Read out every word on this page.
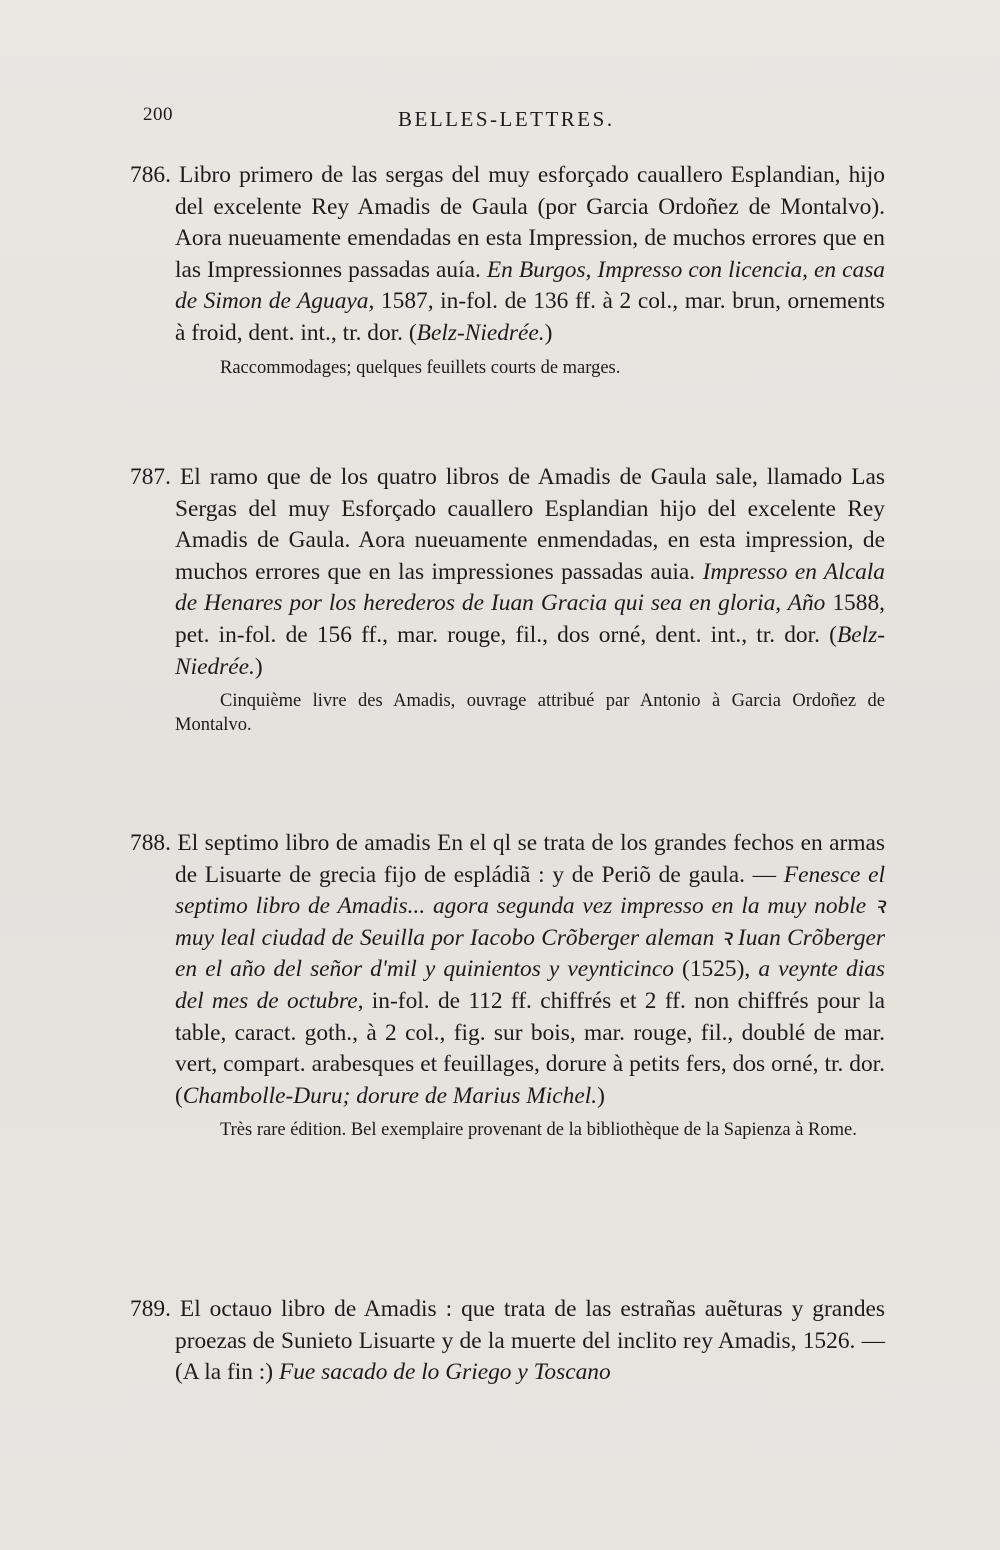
200	BELLES-LETTRES.
786. Libro primero de las sergas del muy esforçado cauallero Esplandian, hijo del excelente Rey Amadis de Gaula (por Garcia Ordoñez de Montalvo). Aora nueuamente emendadas en esta Impression, de muchos errores que en las Impressionnes passadas auía. En Burgos, Impresso con licencia, en casa de Simon de Aguaya, 1587, in-fol. de 136 ff. à 2 col., mar. brun, ornements à froid, dent. int., tr. dor. (Belz-Niedrée.)
Raccommodages; quelques feuillets courts de marges.
787. El ramo que de los quatro libros de Amadis de Gaula sale, llamado Las Sergas del muy Esforçado cauallero Esplandian hijo del excelente Rey Amadis de Gaula. Aora nueuamente enmendadas, en esta impression, de muchos errores que en las impressiones passadas auia. Impresso en Alcala de Henares por los herederos de Iuan Gracia qui sea en gloria, Año 1588, pet. in-fol. de 156 ff., mar. rouge, fil., dos orné, dent. int., tr. dor. (Belz-Niedrée.)
Cinquième livre des Amadis, ouvrage attribué par Antonio à Garcia Ordoñez de Montalvo.
788. El septimo libro de amadis En el ql se trata de los grandes fechos en armas de Lisuarte de grecia fijo de espládiã : y de Periõ de gaula. — Fenesce el septimo libro de Amadis... agora segunda vez impresso en la muy noble ꝛ muy leal ciudad de Seuilla por Iacobo Crõberger aleman ꝛ Iuan Crõberger en el año del señor d'mil y quinientos y veynticinco (1525), a veynte dias del mes de octubre, in-fol. de 112 ff. chiffrés et 2 ff. non chiffrés pour la table, caract. goth., à 2 col., fig. sur bois, mar. rouge, fil., doublé de mar. vert, compart. arabesques et feuillages, dorure à petits fers, dos orné, tr. dor. (Chambolle-Duru; dorure de Marius Michel.)
Très rare édition. Bel exemplaire provenant de la bibliothèque de la Sapienza à Rome.
789. El octauo libro de Amadis : que trata de las estrañas auẽturas y grandes proezas de Sunieto Lisuarte y de la muerte del inclito rey Amadis, 1526. — (A la fin :) Fue sacado de lo Griego y Toscano
